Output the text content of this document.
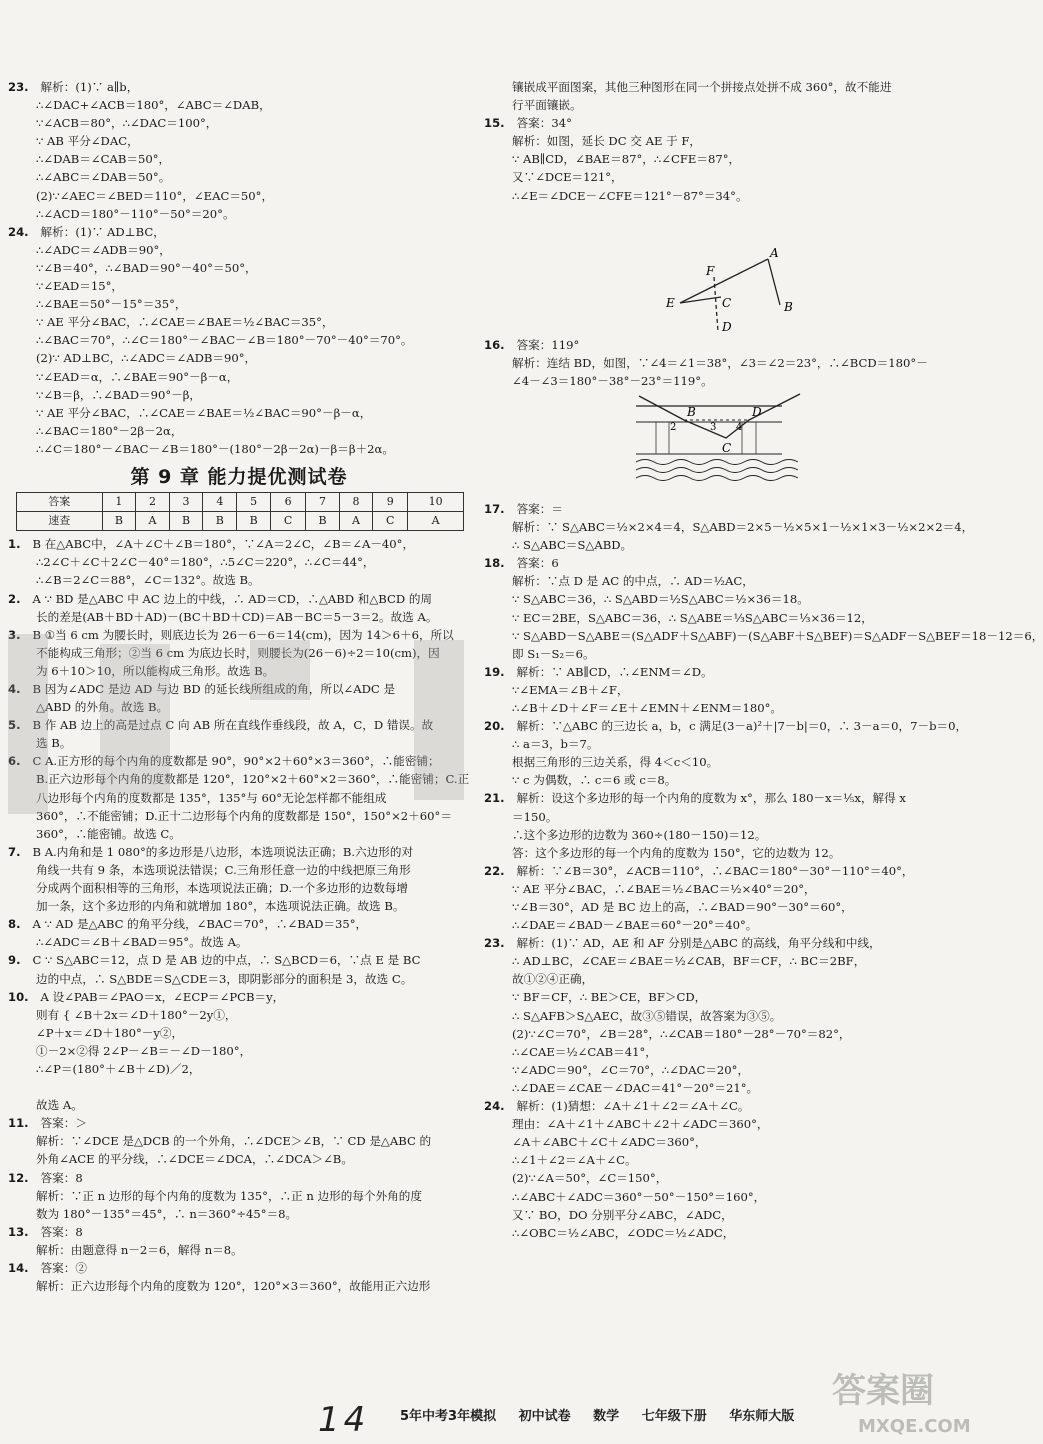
23. 解析：(1)∵ a∥b，
∴∠DAC+∠ACB＝180°，∠ABC＝∠DAB，
∵∠ACB＝80°，∴∠DAC＝100°，
∵ AB 平分∠DAC，
∴∠DAB＝∠CAB＝50°，
∴∠ABC＝∠DAB＝50°。
(2)∵∠AEC＝∠BED＝110°，∠EAC＝50°，
∴∠ACD＝180°－110°－50°＝20°。
24. 解析：(1)∵ AD⊥BC，
∴∠ADC＝∠ADB＝90°，
∵∠B＝40°，∴∠BAD＝90°－40°＝50°，
∵∠EAD＝15°，
∴∠BAE＝50°－15°＝35°，
∵ AE 平分∠BAC，∴∠CAE＝∠BAE＝½∠BAC＝35°，
∴∠BAC＝70°，∴∠C＝180°－∠BAC－∠B＝180°－70°－40°＝70°。
(2)∵ AD⊥BC，∴∠ADC＝∠ADB＝90°，
∵∠EAD＝α，∴∠BAE＝90°－β－α，
∵∠B＝β，∴∠BAD＝90°－β，
∵ AE 平分∠BAC，∴∠CAE＝∠BAE＝½∠BAC＝90°－β－α，
∴∠BAC＝180°－2β－2α，
∴∠C＝180°－∠BAC－∠B＝180°－(180°－2β－2α)－β＝β＋2α。
第 9 章 能力提优测试卷
答案	1	2	3	4	5	6	7	8	9	10
速查	B	A	B	B	B	C	B	A	C	A
1. B 在△ABC中，∠A＋∠C＋∠B＝180°，∵∠A＝2∠C，∠B＝∠A－40°，
∴2∠C＋∠C＋2∠C－40°＝180°，∴5∠C＝220°，∴∠C＝44°，
∴∠B＝2∠C＝88°，∠C＝132°。故选 B。
2. A ∵ BD 是△ABC 中 AC 边上的中线，∴ AD＝CD，∴△ABD 和△BCD 的周
长的差是(AB＋BD＋AD)－(BC＋BD＋CD)＝AB－BC＝5－3＝2。故选 A。
3. B ①当 6 cm 为腰长时，则底边长为 26－6－6＝14(cm)，因为 14＞6＋6，所以
不能构成三角形；②当 6 cm 为底边长时，则腰长为(26－6)÷2＝10(cm)，因
为 6＋10＞10，所以能构成三角形。故选 B。
4. B 因为∠ADC 是边 AD 与边 BD 的延长线所组成的角，所以∠ADC 是
△ABD 的外角。故选 B。
5. B 作 AB 边上的高是过点 C 向 AB 所在直线作垂线段，故 A，C，D 错误。故
选 B。
6. C A.正方形的每个内角的度数都是 90°，90°×2＋60°×3＝360°，∴能密铺；
B.正六边形每个内角的度数都是 120°，120°×2＋60°×2＝360°，∴能密铺；C.正
八边形每个内角的度数都是 135°，135°与 60°无论怎样都不能组成
360°，∴不能密铺；D.正十二边形每个内角的度数都是 150°，150°×2＋60°＝
360°，∴能密铺。故选 C。
7. B A.内角和是 1 080°的多边形是八边形，本选项说法正确；B.六边形的对
角线一共有 9 条，本选项说法错误；C.三角形任意一边的中线把原三角形
分成两个面积相等的三角形，本选项说法正确；D.一个多边形的边数每增
加一条，这个多边形的内角和就增加 180°，本选项说法正确。故选 B。
8. A ∵ AD 是△ABC 的角平分线，∠BAC＝70°，∴∠BAD＝35°，
∴∠ADC＝∠B＋∠BAD＝95°。故选 A。
9. C ∵ S△ABC＝12，点 D 是 AB 边的中点，∴ S△BCD＝6，∵点 E 是 BC
边的中点，∴ S△BDE＝S△CDE＝3，即阴影部分的面积是 3，故选 C。
10. A 设∠PAB＝∠PAO＝x，∠ECP＝∠PCB＝y，
则有 { ∠B＋2x＝∠D＋180°－2y①，
∠P＋x＝∠D＋180°－y②，
①－2×②得 2∠P－∠B＝－∠D－180°，
∴∠P＝(180°＋∠B＋∠D)／2，

故选 A。
11. 答案：＞
解析：∵∠DCE 是△DCB 的一个外角，∴∠DCE＞∠B，∵ CD 是△ABC 的
外角∠ACE 的平分线，∴∠DCE＝∠DCA，∴∠DCA＞∠B。
12. 答案：8
解析：∵正 n 边形的每个内角的度数为 135°，∴正 n 边形的每个外角的度
数为 180°－135°＝45°，∴ n＝360°÷45°＝8。
13. 答案：8
解析：由题意得 n－2＝6，解得 n＝8。
14. 答案：②
解析：正六边形每个内角的度数为 120°，120°×3＝360°，故能用正六边形
镶嵌成平面图案，其他三种图形在同一个拼接点处拼不成 360°，故不能进
行平面镶嵌。
15. 答案：34°
解析：如图，延长 DC 交 AE 于 F，
∵ AB∥CD，∠BAE＝87°，∴∠CFE＝87°，
又∵∠DCE＝121°，
∴∠E＝∠DCE－∠CFE＝121°－87°＝34°。
A
B
E
F
C
D
16. 答案：119°
解析：连结 BD，如图，∵∠4＝∠1＝38°，∠3＝∠2＝23°，∴∠BCD＝180°－
∠4－∠3＝180°－38°－23°＝119°。
B	D
C
2	3 4
17. 答案：＝
解析：∵ S△ABC＝½×2×4＝4，S△ABD＝2×5－½×5×1－½×1×3－½×2×2＝4，
∴ S△ABC＝S△ABD。
18. 答案：6
解析：∵点 D 是 AC 的中点，∴ AD＝½AC，
∵ S△ABC＝36，∴ S△ABD＝½S△ABC＝½×36＝18。
∵ EC＝2BE，S△ABC＝36，∴ S△ABE＝⅓S△ABC＝⅓×36＝12，
∵ S△ABD－S△ABE＝(S△ADF＋S△ABF)－(S△ABF＋S△BEF)＝S△ADF－S△BEF＝18－12＝6，
即 S₁－S₂＝6。
19. 解析：∵ AB∥CD，∴∠ENM＝∠D。
∵∠EMA＝∠B＋∠F，
∴∠B＋∠D＋∠F＝∠E＋∠EMN＋∠ENM＝180°。
20. 解析：∵△ABC 的三边长 a，b，c 满足(3－a)²＋|7－b|＝0，∴ 3－a＝0，7－b＝0，
∴ a＝3，b＝7。
根据三角形的三边关系，得 4＜c＜10。
∵ c 为偶数，∴ c＝6 或 c＝8。
21. 解析：设这个多边形的每一个内角的度数为 x°，那么 180－x＝⅕x，解得 x
＝150。
∴这个多边形的边数为 360÷(180－150)＝12。
答：这个多边形的每一个内角的度数为 150°，它的边数为 12。
22. 解析：∵∠B＝30°，∠ACB＝110°，∴∠BAC＝180°－30°－110°＝40°，
∵ AE 平分∠BAC，∴∠BAE＝½∠BAC＝½×40°＝20°，
∵∠B＝30°，AD 是 BC 边上的高，∴∠BAD＝90°－30°＝60°，
∴∠DAE＝∠BAD－∠BAE＝60°－20°＝40°。
23. 解析：(1)∵ AD，AE 和 AF 分别是△ABC 的高线，角平分线和中线，
∴ AD⊥BC，∠CAE＝∠BAE＝½∠CAB，BF＝CF，∴ BC＝2BF，
故①②④正确，
∵ BF＝CF，∴ BE＞CE，BF＞CD，
∴ S△AFB＞S△AEC，故③⑤错误，故答案为③⑤。
(2)∵∠C＝70°，∠B＝28°，∴∠CAB＝180°－28°－70°＝82°，
∴∠CAE＝½∠CAB＝41°，
∵∠ADC＝90°，∠C＝70°，∴∠DAC＝20°，
∴∠DAE＝∠CAE－∠DAC＝41°－20°＝21°。
24. 解析：(1)猜想：∠A＋∠1＋∠2＝∠A＋∠C。
理由：∠A＋∠1＋∠ABC＋∠2＋∠ADC＝360°，
∠A＋∠ABC＋∠C＋∠ADC＝360°，
∴∠1＋∠2＝∠A＋∠C。
(2)∵∠A＝50°，∠C＝150°，
∴∠ABC＋∠ADC＝360°－50°－150°＝160°，
又∵ BO，DO 分别平分∠ABC，∠ADC，
∴∠OBC＝½∠ABC，∠ODC＝½∠ADC，
14 5年中考3年模拟 初中试卷 数学 七年级下册 华东师大版
答案圈
MXQE.COM
